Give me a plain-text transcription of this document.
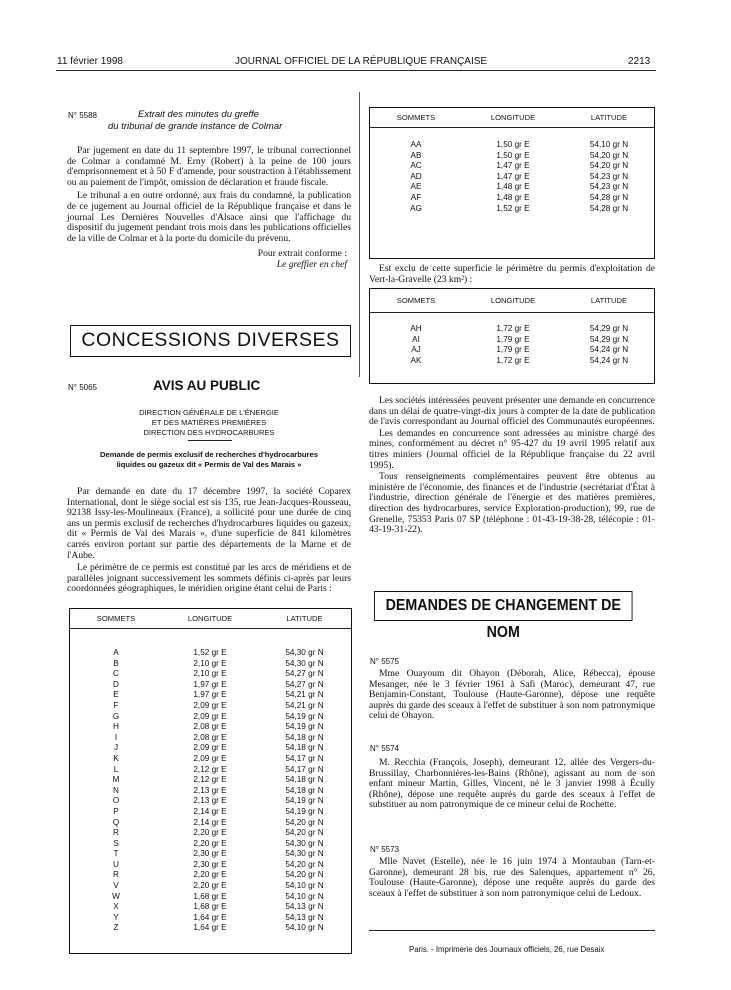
11 février 1998	JOURNAL OFFICIEL DE LA RÉPUBLIQUE FRANÇAISE	2213
N° 5588	Extrait des minutes du greffe
du tribunal de grande instance de Colmar

Par jugement en date du 11 septembre 1997, le tribunal correctionnel de Colmar a condamné M. Erny (Robert) à la peine de 100 jours d'emprisonnement et à 50 F d'amende, pour soustraction à l'établissement ou au paiement de l'impôt, omission de déclaration et fraude fiscale.

Le tribunal a en outre ordonné, aux frais du condamné, la publication de ce jugement au Journal officiel de la République française et dans le journal Les Dernières Nouvelles d'Alsace ainsi que l'affichage du dispositif du jugement pendant trois mois dans les publications officielles de la ville de Colmar et à la porte du domicile du prévenu.

Pour extrait conforme :
Le greffier en chef
CONCESSIONS DIVERSES
N° 5065	AVIS AU PUBLIC
DIRECTION GÉNÉRALE DE L'ÉNERGIE
ET DES MATIÈRES PREMIÈRES
DIRECTION DES HYDROCARBURES
Demande de permis exclusif de recherches d'hydrocarbures
liquides ou gazeux dit « Permis de Val des Marais »

Par demande en date du 17 décembre 1997, la société Coparex International, dont le siège social est sis 135, rue Jean-Jacques-Rousseau, 92138 Issy-les-Moulineaux (France), a sollicité pour une durée de cinq ans un permis exclusif de recherches d'hydrocarbures liquides ou gazeux, dit « Permis de Val des Marais », d'une superficie de 841 kilomètres carrés environ portant sur partie des départements de la Marne et de l'Aube.

Le périmètre de ce permis est constitué par les arcs de méridiens et de parallèles joignant successivement les sommets définis ci-après par leurs coordonnées géographiques, le méridien origine étant celui de Paris :

SOMMETS	LONGITUDE	LATITUDE

A	1,52 gr E	54,30 gr N
B	2,10 gr E	54,30 gr N
C	2,10 gr E	54,27 gr N
D	1,97 gr E	54,27 gr N
E	1,97 gr E	54,21 gr N
F	2,09 gr E	54,21 gr N
G	2,09 gr E	54,19 gr N
H	2,08 gr E	54,19 gr N
I	2,08 gr E	54,18 gr N
J	2,09 gr E	54,18 gr N
K	2,09 gr E	54,17 gr N
L	2,12 gr E	54,17 gr N
M	2,12 gr E	54,18 gr N
N	2,13 gr E	54,18 gr N
O	2,13 gr E	54,19 gr N
P	2,14 gr E	54,19 gr N
Q	2,14 gr E	54,20 gr N
R	2,20 gr E	54,20 gr N
S	2,20 gr E	54,30 gr N
T	2,30 gr E	54,30 gr N
U	2,30 gr E	54,20 gr N
R	2,20 gr E	54,20 gr N
V	2,20 gr E	54,10 gr N
W	1,68 gr E	54,10 gr N
X	1,68 gr E	54,13 gr N
Y	1,64 gr E	54,13 gr N
Z	1,64 gr E	54,10 gr N
SOMMETS	LONGITUDE	LATITUDE

AA	1,50 gr E	54,10 gr N
AB	1,50 gr E	54,20 gr N
AC	1,47 gr E	54,20 gr N
AD	1,47 gr E	54,23 gr N
AE	1,48 gr E	54,23 gr N
AF	1,48 gr E	54,28 gr N
AG	1,52 gr E	54,28 gr N

Est exclu de cette superficie le périmètre du permis d'exploitation de Vert-la-Gravelle (23 km²) :

SOMMETS	LONGITUDE	LATITUDE

AH	1,72 gr E	54,29 gr N
AI	1,79 gr E	54,29 gr N
AJ	1,79 gr E	54,24 gr N
AK	1,72 gr E	54,24 gr N

Les sociétés intéressées peuvent présenter une demande en concurrence dans un délai de quatre-vingt-dix jours à compter de la date de publication de l'avis correspondant au Journal officiel des Communautés européennes.

Les demandes en concurrence sont adressées au ministre chargé des mines, conformément au décret n° 95-427 du 19 avril 1995 relatif aux titres miniers (Journal officiel de la République française du 22 avril 1995).

Tous renseignements complémentaires peuvent être obtenus au ministère de l'économie, des finances et de l'industrie (secrétariat d'État à l'industrie, direction générale de l'énergie et des matières premières, direction des hydrocarbures, service Exploration-production), 99, rue de Grenelle, 75353 Paris 07 SP (téléphone : 01-43-19-38-28, télécopie : 01-43-19-31-22).

DEMANDES DE CHANGEMENT DE NOM
N° 5575

Mme Ouayoum dit Ohayon (Déborah, Alice, Rébecca), épouse Mesanger, née le 3 février 1961 à Safi (Maroc), demeurant 47, rue Benjamin-Constant, Toulouse (Haute-Garonne), dépose une requête auprès du garde des sceaux à l'effet de substituer à son nom patronymique celui de Ohayon.

N° 5574

M. Recchia (François, Joseph), demeurant 12, allée des Vergers-du-Brussillay, Charbonnières-les-Bains (Rhône), agissant au nom de son enfant mineur Martin, Gilles, Vincent, né le 3 janvier 1998 à Écully (Rhône), dépose une requête auprès du garde des sceaux à l'effet de substituer au nom patronymique de ce mineur celui de Rochette.

N° 5573

Mlle Navet (Estelle), née le 16 juin 1974 à Montauban (Tarn-et-Garonne), demeurant 28 bis, rue des Salenques, appartement n° 26, Toulouse (Haute-Garonne), dépose une requête auprès du garde des sceaux à l'effet de substituer à son nom patronymique celui de Ledoux.

Paris. - Imprimerie des Journaux officiels, 26, rue Desaix
